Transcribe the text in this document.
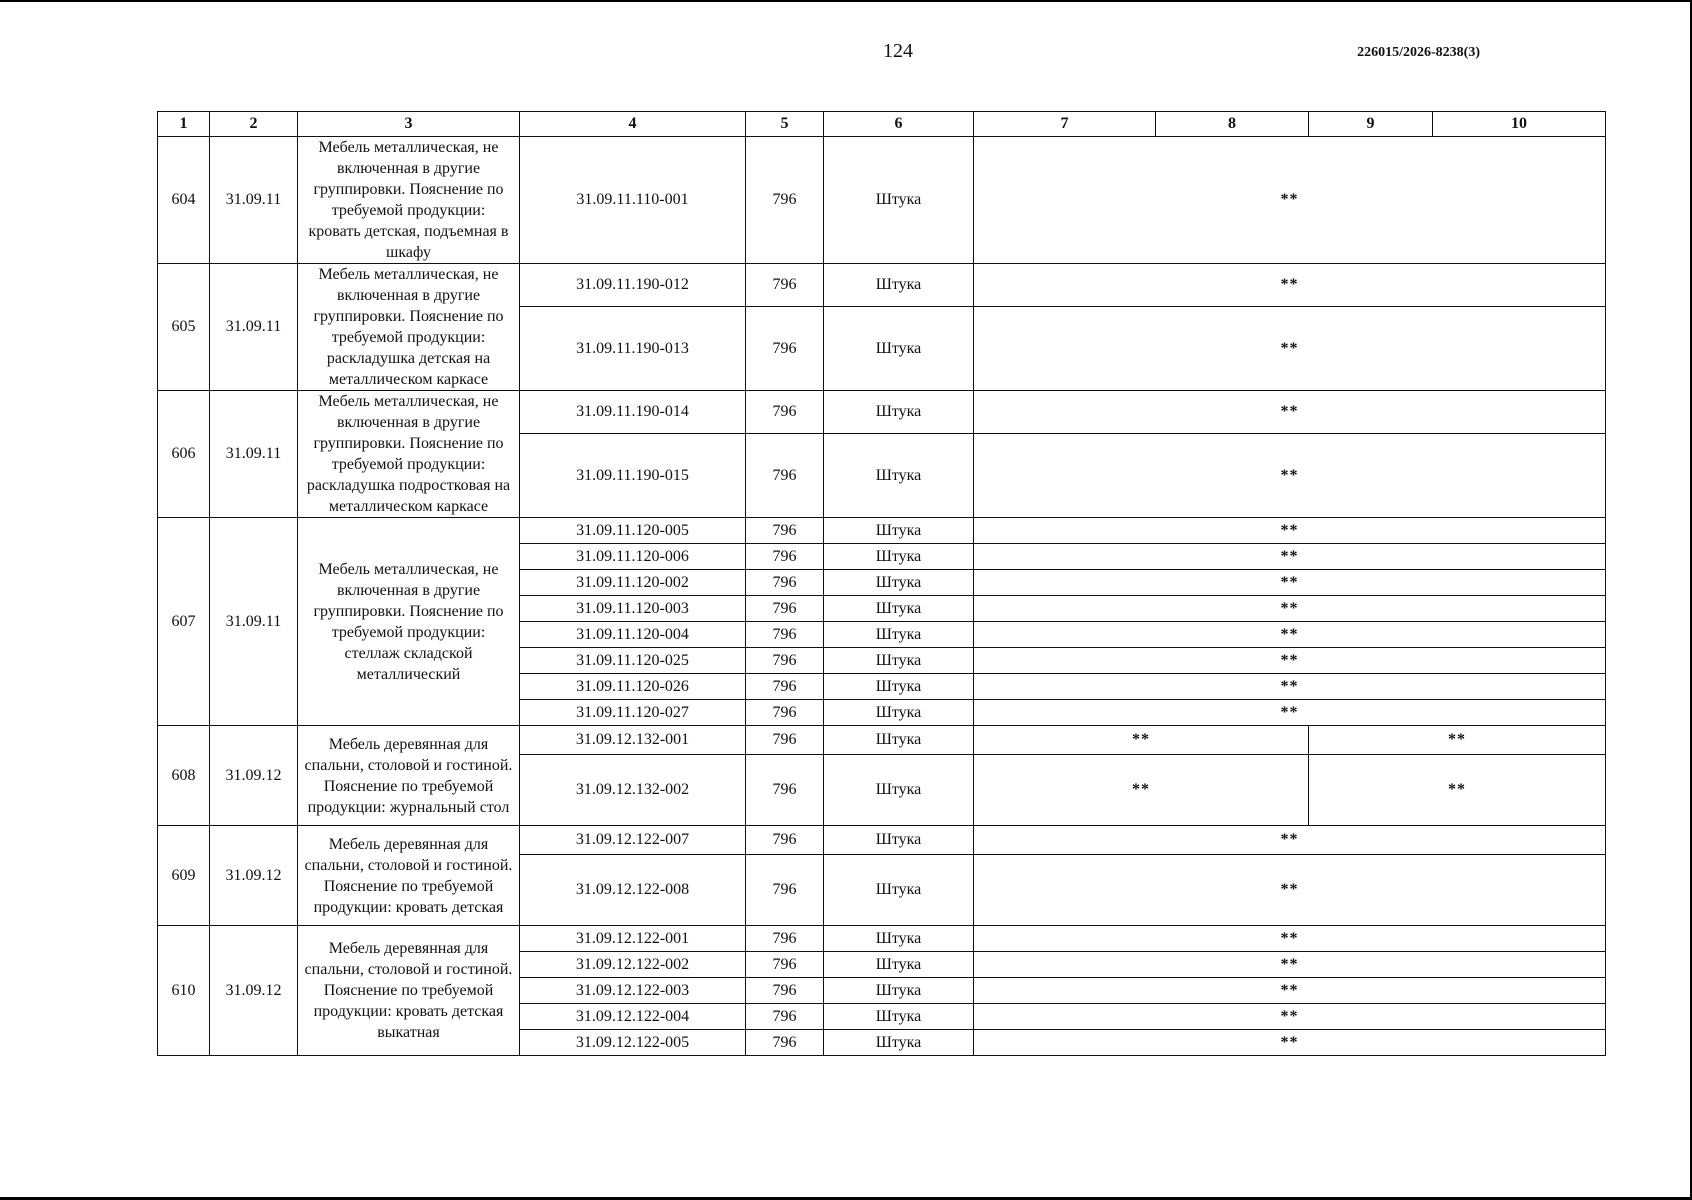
124	226015/2026-8238(3)
1	2	3	4	5	6	7	8	9	10
604	31.09.11	Мебель металлическая, не включенная в другие группировки. Пояснение по требуемой продукции: кровать детская, подъемная в шкафу	31.09.11.110-001	796	Штука	**			
605	31.09.11	Мебель металлическая, не включенная в другие группировки. Пояснение по требуемой продукции: раскладушка детская на металлическом каркасе	31.09.11.190-012	796	Штука	**			
			31.09.11.190-013	796	Штука	**			
606	31.09.11	Мебель металлическая, не включенная в другие группировки. Пояснение по требуемой продукции: раскладушка подростковая на металлическом каркасе	31.09.11.190-014	796	Штука	**			
			31.09.11.190-015	796	Штука	**			
607	31.09.11	Мебель металлическая, не включенная в другие группировки. Пояснение по требуемой продукции: стеллаж складской металлический	31.09.11.120-005	796	Штука	**			
			31.09.11.120-006	796	Штука	**			
			31.09.11.120-002	796	Штука	**			
			31.09.11.120-003	796	Штука	**			
			31.09.11.120-004	796	Штука	**			
			31.09.11.120-025	796	Штука	**			
			31.09.11.120-026	796	Штука	**			
			31.09.11.120-027	796	Штука	**			
608	31.09.12	Мебель деревянная для спальни, столовой и гостиной. Пояснение по требуемой продукции: журнальный стол	31.09.12.132-001	796	Штука	**		**	
			31.09.12.132-002	796	Штука	**		**	
609	31.09.12	Мебель деревянная для спальни, столовой и гостиной. Пояснение по требуемой продукции: кровать детская	31.09.12.122-007	796	Штука	**			
			31.09.12.122-008	796	Штука	**			
610	31.09.12	Мебель деревянная для спальни, столовой и гостиной. Пояснение по требуемой продукции: кровать детская выкатная	31.09.12.122-001	796	Штука	**			
			31.09.12.122-002	796	Штука	**			
			31.09.12.122-003	796	Штука	**			
			31.09.12.122-004	796	Штука	**			
			31.09.12.122-005	796	Штука	**			
